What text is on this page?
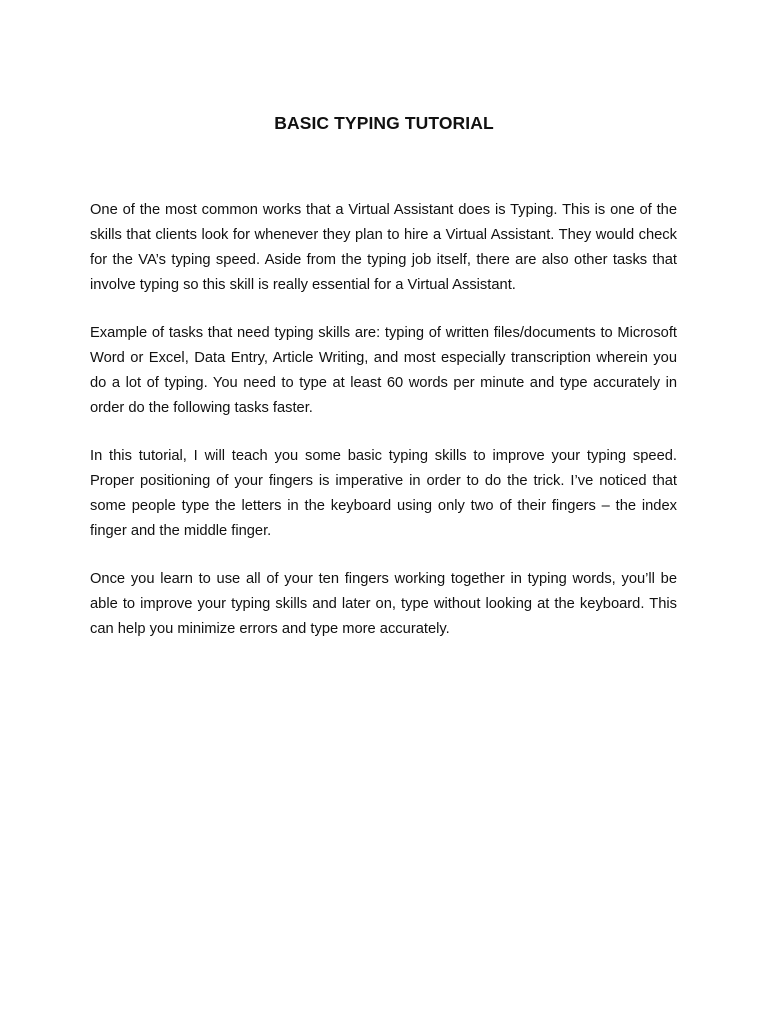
BASIC TYPING TUTORIAL

One of the most common works that a Virtual Assistant does is Typing. This is one of the skills that clients look for whenever they plan to hire a Virtual Assistant. They would check for the VA’s typing speed. Aside from the typing job itself, there are also other tasks that involve typing so this skill is really essential for a Virtual Assistant.

Example of tasks that need typing skills are: typing of written files/documents to Microsoft Word or Excel, Data Entry, Article Writing, and most especially transcription wherein you do a lot of typing. You need to type at least 60 words per minute and type accurately in order do the following tasks faster.

In this tutorial, I will teach you some basic typing skills to improve your typing speed. Proper positioning of your fingers is imperative in order to do the trick. I’ve noticed that some people type the letters in the keyboard using only two of their fingers – the index finger and the middle finger.

Once you learn to use all of your ten fingers working together in typing words, you’ll be able to improve your typing skills and later on, type without looking at the keyboard. This can help you minimize errors and type more accurately.
